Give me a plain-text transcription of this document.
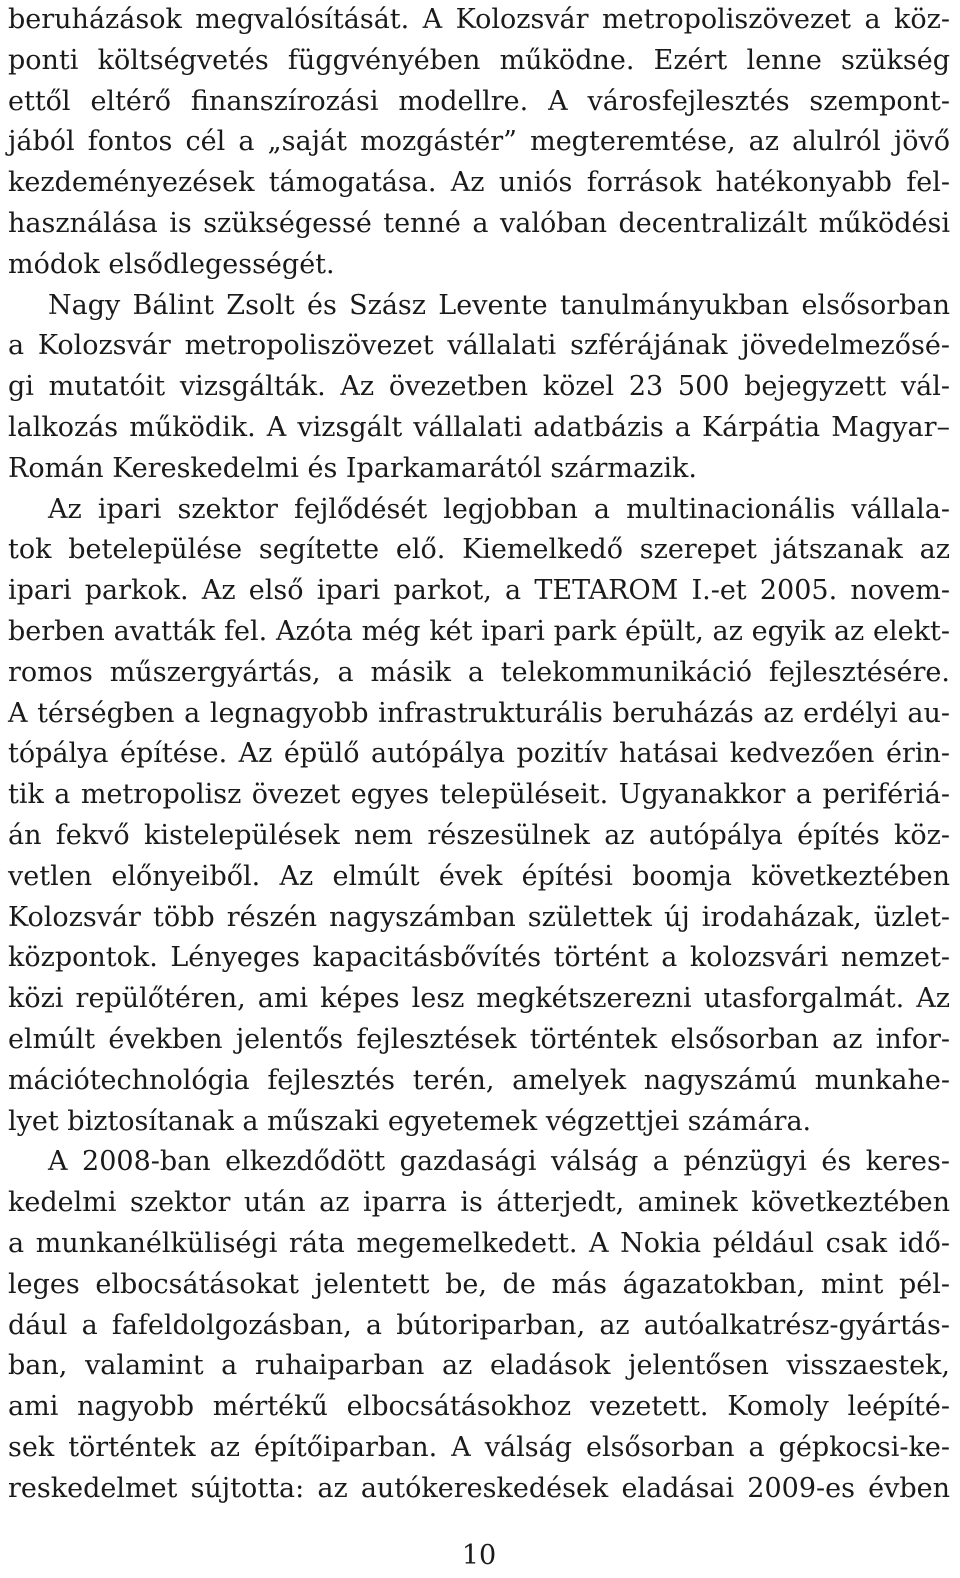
beruházások megvalósítását. A Kolozsvár metropoliszövezet a köz-
ponti költségvetés függvényében működne. Ezért lenne szükség
ettől eltérő finanszírozási modellre. A városfejlesztés szempont-
jából fontos cél a „saját mozgástér” megteremtése, az alulról jövő
kezdeményezések támogatása. Az uniós források hatékonyabb fel-
használása is szükségessé tenné a valóban decentralizált működési
módok elsődlegességét.
Nagy Bálint Zsolt és Szász Levente tanulmányukban elsősorban
a Kolozsvár metropoliszövezet vállalati szférájának jövedelmezősé-
gi mutatóit vizsgálták. Az övezetben közel 23 500 bejegyzett vál-
lalkozás működik. A vizsgált vállalati adatbázis a Kárpátia Magyar–
Román Kereskedelmi és Iparkamarától származik.
Az ipari szektor fejlődését legjobban a multinacionális vállala-
tok betelepülése segítette elő. Kiemelkedő szerepet játszanak az
ipari parkok. Az első ipari parkot, a TETAROM I.-et 2005. novem-
berben avatták fel. Azóta még két ipari park épült, az egyik az elekt-
romos műszergyártás, a másik a telekommunikáció fejlesztésére.
A térségben a legnagyobb infrastrukturális beruházás az erdélyi au-
tópálya építése. Az épülő autópálya pozitív hatásai kedvezően érin-
tik a metropolisz övezet egyes településeit. Ugyanakkor a perifériá-
án fekvő kistelepülések nem részesülnek az autópálya építés köz-
vetlen előnyeiből. Az elmúlt évek építési boomja következtében
Kolozsvár több részén nagyszámban születtek új irodaházak, üzlet-
központok. Lényeges kapacitásbővítés történt a kolozsvári nemzet-
közi repülőtéren, ami képes lesz megkétszerezni utasforgalmát. Az
elmúlt években jelentős fejlesztések történtek elsősorban az infor-
mációtechnológia fejlesztés terén, amelyek nagyszámú munkahe-
lyet biztosítanak a műszaki egyetemek végzettjei számára.
A 2008-ban elkezdődött gazdasági válság a pénzügyi és keres-
kedelmi szektor után az iparra is átterjedt, aminek következtében
a munkanélküliségi ráta megemelkedett. A Nokia például csak idő-
leges elbocsátásokat jelentett be, de más ágazatokban, mint pél-
dául a fafeldolgozásban, a bútoriparban, az autóalkatrész-gyártás-
ban, valamint a ruhaiparban az eladások jelentősen visszaestek,
ami nagyobb mértékű elbocsátásokhoz vezetett. Komoly leépíté-
sek történtek az építőiparban. A válság elsősorban a gépkocsi-ke-
reskedelmet sújtotta: az autókereskedések eladásai 2009-es évben
10
